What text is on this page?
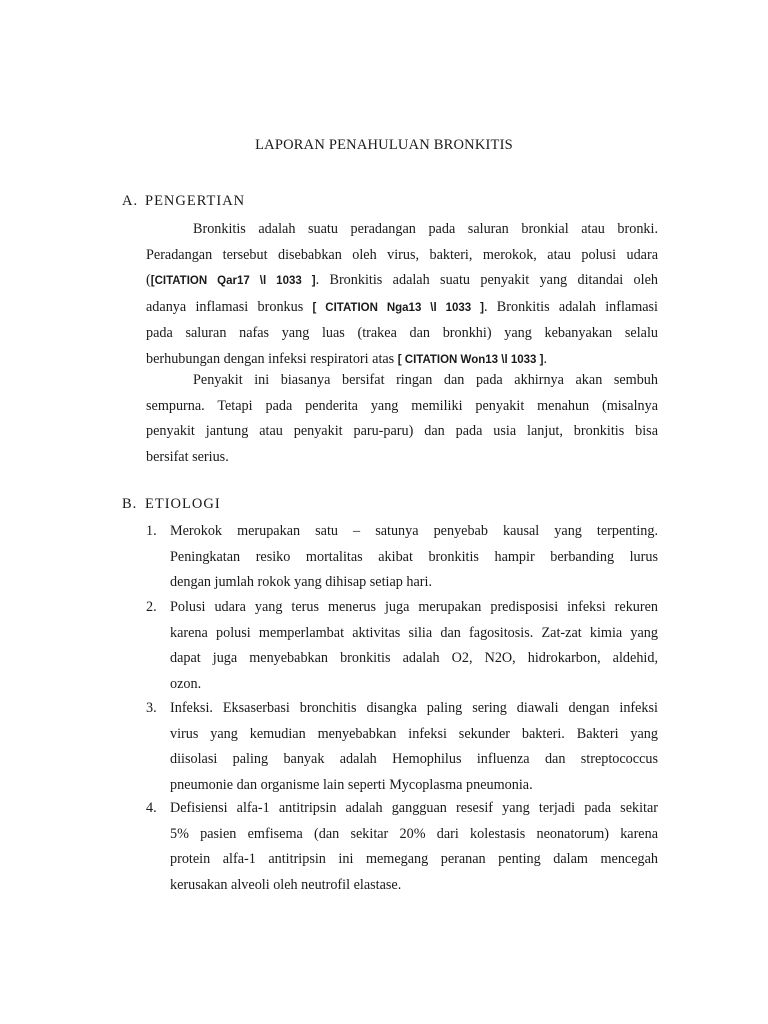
LAPORAN PENAHULUAN BRONKITIS
A. PENGERTIAN
Bronkitis adalah suatu peradangan pada saluran bronkial atau bronki.
Peradangan tersebut disebabkan oleh virus, bakteri, merokok, atau polusi udara
([CITATION Qar17 \l 1033 ]. Bronkitis adalah suatu penyakit yang ditandai oleh
adanya inflamasi bronkus [ CITATION Nga13 \l 1033 ]. Bronkitis adalah inflamasi
pada saluran nafas yang luas (trakea dan bronkhi) yang kebanyakan selalu
berhubungan dengan infeksi respiratori atas [ CITATION Won13 \l 1033 ].
Penyakit ini biasanya bersifat ringan dan pada akhirnya akan sembuh
sempurna. Tetapi pada penderita yang memiliki penyakit menahun (misalnya
penyakit jantung atau penyakit paru-paru) dan pada usia lanjut, bronkitis bisa
bersifat serius.
B. ETIOLOGI
1. Merokok merupakan satu – satunya penyebab kausal yang terpenting.
Peningkatan resiko mortalitas akibat bronkitis hampir berbanding lurus
dengan jumlah rokok yang dihisap setiap hari.
2. Polusi udara yang terus menerus juga merupakan predisposisi infeksi rekuren
karena polusi memperlambat aktivitas silia dan fagositosis. Zat-zat kimia yang
dapat juga menyebabkan bronkitis adalah O2, N2O, hidrokarbon, aldehid,
ozon.
3. Infeksi. Eksaserbasi bronchitis disangka paling sering diawali dengan infeksi
virus yang kemudian menyebabkan infeksi sekunder bakteri. Bakteri yang
diisolasi paling banyak adalah Hemophilus influenza dan streptococcus
pneumonie dan organisme lain seperti Mycoplasma pneumonia.
4. Defisiensi alfa-1 antitripsin adalah gangguan resesif yang terjadi pada sekitar
5% pasien emfisema (dan sekitar 20% dari kolestasis neonatorum) karena
protein alfa-1 antitripsin ini memegang peranan penting dalam mencegah
kerusakan alveoli oleh neutrofil elastase.
